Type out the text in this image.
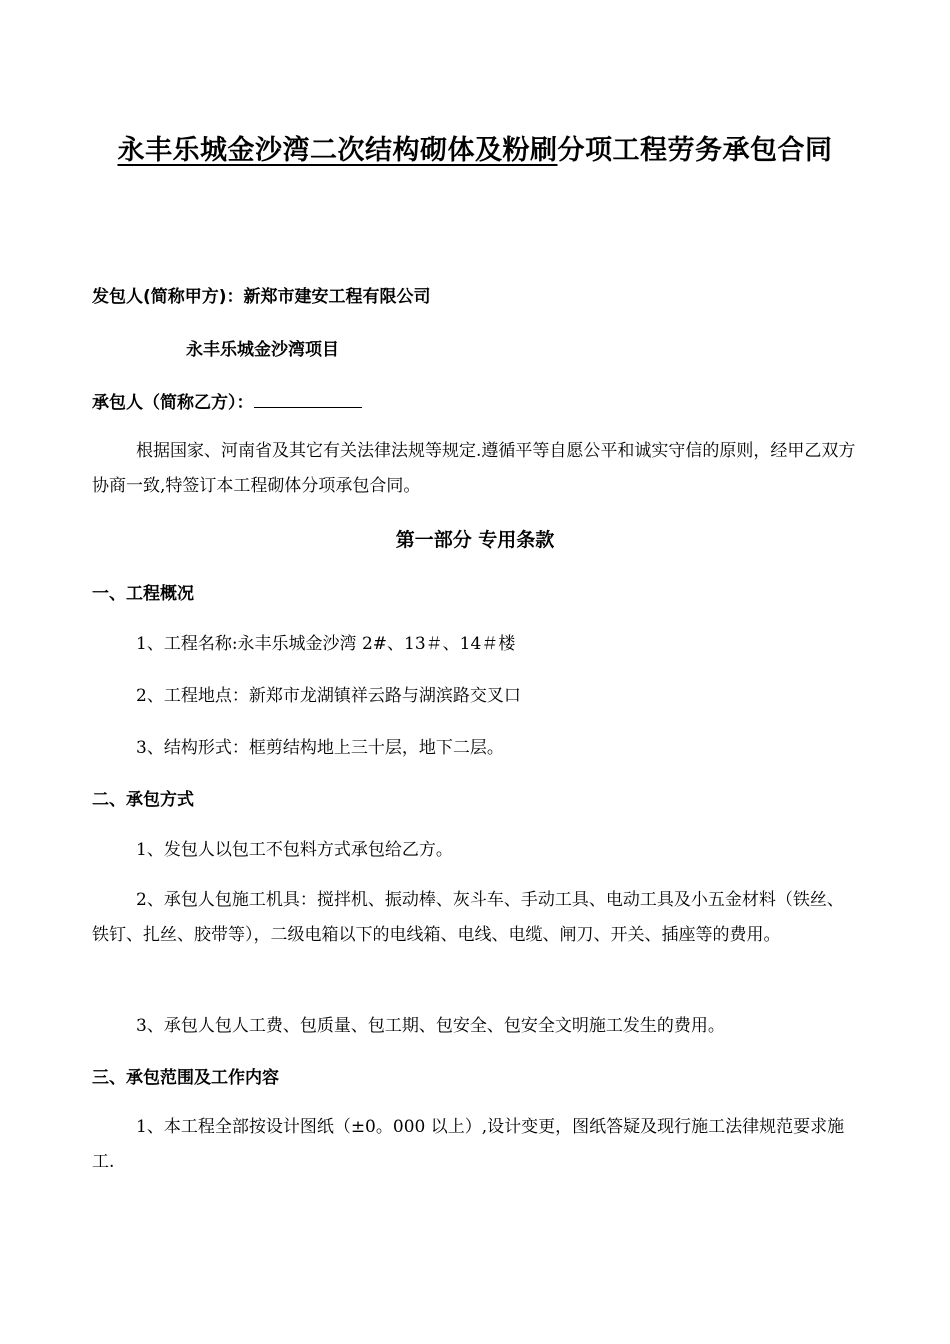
永丰乐城金沙湾二次结构砌体及粉刷分项工程劳务承包合同
发包人(简称甲方)：新郑市建安工程有限公司
永丰乐城金沙湾项目
承包人（简称乙方）：
根据国家、河南省及其它有关法律法规等规定.遵循平等自愿公平和诚实守信的原则，经甲乙双方协商一致,特签订本工程砌体分项承包合同。
第一部分 专用条款
一、工程概况
1、工程名称:永丰乐城金沙湾 2#、13＃、14＃楼
2、工程地点：新郑市龙湖镇祥云路与湖滨路交叉口
3、结构形式：框剪结构地上三十层，地下二层。
二、承包方式
1、发包人以包工不包料方式承包给乙方。
2、承包人包施工机具：搅拌机、振动棒、灰斗车、手动工具、电动工具及小五金材料（铁丝、铁钉、扎丝、胶带等），二级电箱以下的电线箱、电线、电缆、闸刀、开关、插座等的费用。
3、承包人包人工费、包质量、包工期、包安全、包安全文明施工发生的费用。
三、承包范围及工作内容
1、本工程全部按设计图纸（±0。000 以上）,设计变更，图纸答疑及现行施工法律规范要求施工.
